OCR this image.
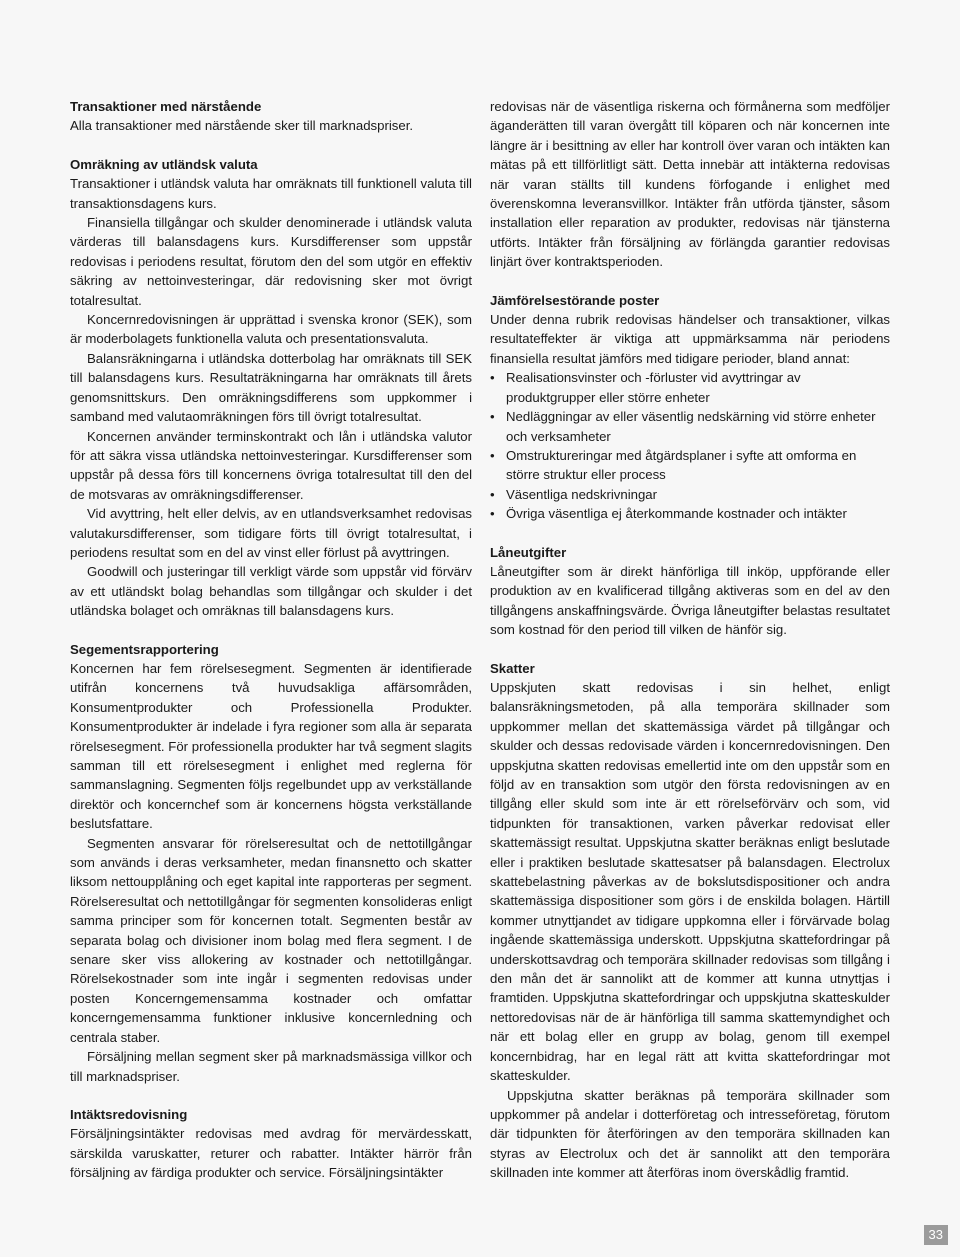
Transaktioner med närstående

Alla transaktioner med närstående sker till marknadspriser.

Omräkning av utländsk valuta

Transaktioner i utländsk valuta har omräknats till funktionell valuta till transaktionsdagens kurs.

Finansiella tillgångar och skulder denominerade i utländsk valuta värderas till balansdagens kurs. Kursdifferenser som uppstår redovisas i periodens resultat, förutom den del som utgör en effektiv säkring av nettoinvesteringar, där redovisning sker mot övrigt totalresultat.

Koncernredovisningen är upprättad i svenska kronor (SEK), som är moderbolagets funktionella valuta och presentationsvaluta.

Balansräkningarna i utländska dotterbolag har omräknats till SEK till balansdagens kurs. Resultaträkningarna har omräknats till årets genomsnittskurs. Den omräkningsdifferens som uppkommer i samband med valutaomräkningen förs till övrigt totalresultat.

Koncernen använder terminskontrakt och lån i utländska valutor för att säkra vissa utländska nettoinvesteringar. Kursdifferenser som uppstår på dessa förs till koncernens övriga totalresultat till den del de motsvaras av omräkningsdifferenser.

Vid avyttring, helt eller delvis, av en utlandsverksamhet redovisas valutakursdifferenser, som tidigare förts till övrigt totalresultat, i periodens resultat som en del av vinst eller förlust på avyttringen.

Goodwill och justeringar till verkligt värde som uppstår vid förvärv av ett utländskt bolag behandlas som tillgångar och skulder i det utländska bolaget och omräknas till balansdagens kurs.

Segementsrapportering

Koncernen har fem rörelsesegment. Segmenten är identifierade utifrån koncernens två huvudsakliga affärsområden, Konsumentprodukter och Professionella Produkter. Konsumentprodukter är indelade i fyra regioner som alla är separata rörelsesegment. För professionella produkter har två segment slagits samman till ett rörelsesegment i enlighet med reglerna för sammanslagning. Segmenten följs regelbundet upp av verkställande direktör och koncernchef som är koncernens högsta verkställande beslutsfattare.

Segmenten ansvarar för rörelseresultat och de nettotillgångar som används i deras verksamheter, medan finansnetto och skatter liksom nettoupplåning och eget kapital inte rapporteras per segment. Rörelseresultat och nettotillgångar för segmenten konsolideras enligt samma principer som för koncernen totalt. Segmenten består av separata bolag och divisioner inom bolag med flera segment. I de senare sker viss allokering av kostnader och nettotillgångar. Rörelsekostnader som inte ingår i segmenten redovisas under posten Koncerngemensamma kostnader och omfattar koncerngemensamma funktioner inklusive koncernledning och centrala staber.

Försäljning mellan segment sker på marknadsmässiga villkor och till marknadspriser.

Intäktsredovisning

Försäljningsintäkter redovisas med avdrag för mervärdesskatt, särskilda varuskatter, returer och rabatter. Intäkter härrör från försäljning av färdiga produkter och service. Försäljningsintäkter

redovisas när de väsentliga riskerna och förmånerna som medföljer äganderätten till varan övergått till köparen och när koncernen inte längre är i besittning av eller har kontroll över varan och intäkten kan mätas på ett tillförlitligt sätt. Detta innebär att intäkterna redovisas när varan ställts till kundens förfogande i enlighet med överenskomna leveransvillkor. Intäkter från utförda tjänster, såsom installation eller reparation av produkter, redovisas när tjänsterna utförts. Intäkter från försäljning av förlängda garantier redovisas linjärt över kontraktsperioden.

Jämförelsestörande poster

Under denna rubrik redovisas händelser och transaktioner, vilkas resultateffekter är viktiga att uppmärksamma när periodens finansiella resultat jämförs med tidigare perioder, bland annat:

• Realisationsvinster och -förluster vid avyttringar av produktgrupper eller större enheter
• Nedläggningar av eller väsentlig nedskärning vid större enheter och verksamheter
• Omstruktureringar med åtgärdsplaner i syfte att omforma en större struktur eller process
• Väsentliga nedskrivningar
• Övriga väsentliga ej återkommande kostnader och intäkter
Låneutgifter

Låneutgifter som är direkt hänförliga till inköp, uppförande eller produktion av en kvalificerad tillgång aktiveras som en del av den tillgångens anskaffningsvärde. Övriga låneutgifter belastas resultatet som kostnad för den period till vilken de hänför sig.

Skatter

Uppskjuten skatt redovisas i sin helhet, enligt balansräkningsmetoden, på alla temporära skillnader som uppkommer mellan det skattemässiga värdet på tillgångar och skulder och dessas redovisade värden i koncernredovisningen. Den uppskjutna skatten redovisas emellertid inte om den uppstår som en följd av en transaktion som utgör den första redovisningen av en tillgång eller skuld som inte är ett rörelseförvärv och som, vid tidpunkten för transaktionen, varken påverkar redovisat eller skattemässigt resultat. Uppskjutna skatter beräknas enligt beslutade eller i praktiken beslutade skattesatser på balansdagen. Electrolux skattebelastning påverkas av de bokslutsdispositioner och andra skattemässiga dispositioner som görs i de enskilda bolagen. Härtill kommer utnyttjandet av tidigare uppkomna eller i förvärvade bolag ingående skattemässiga underskott. Uppskjutna skattefordringar på underskottsavdrag och temporära skillnader redovisas som tillgång i den mån det är sannolikt att de kommer att kunna utnyttjas i framtiden. Uppskjutna skattefordringar och uppskjutna skatteskulder nettoredovisas när de är hänförliga till samma skattemyndighet och när ett bolag eller en grupp av bolag, genom till exempel koncernbidrag, har en legal rätt att kvitta skattefordringar mot skatteskulder.

Uppskjutna skatter beräknas på temporära skillnader som uppkommer på andelar i dotterföretag och intresseföretag, förutom där tidpunkten för återföringen av den temporära skillnaden kan styras av Electrolux och det är sannolikt att den temporära skillnaden inte kommer att återföras inom överskådlig framtid.

33
